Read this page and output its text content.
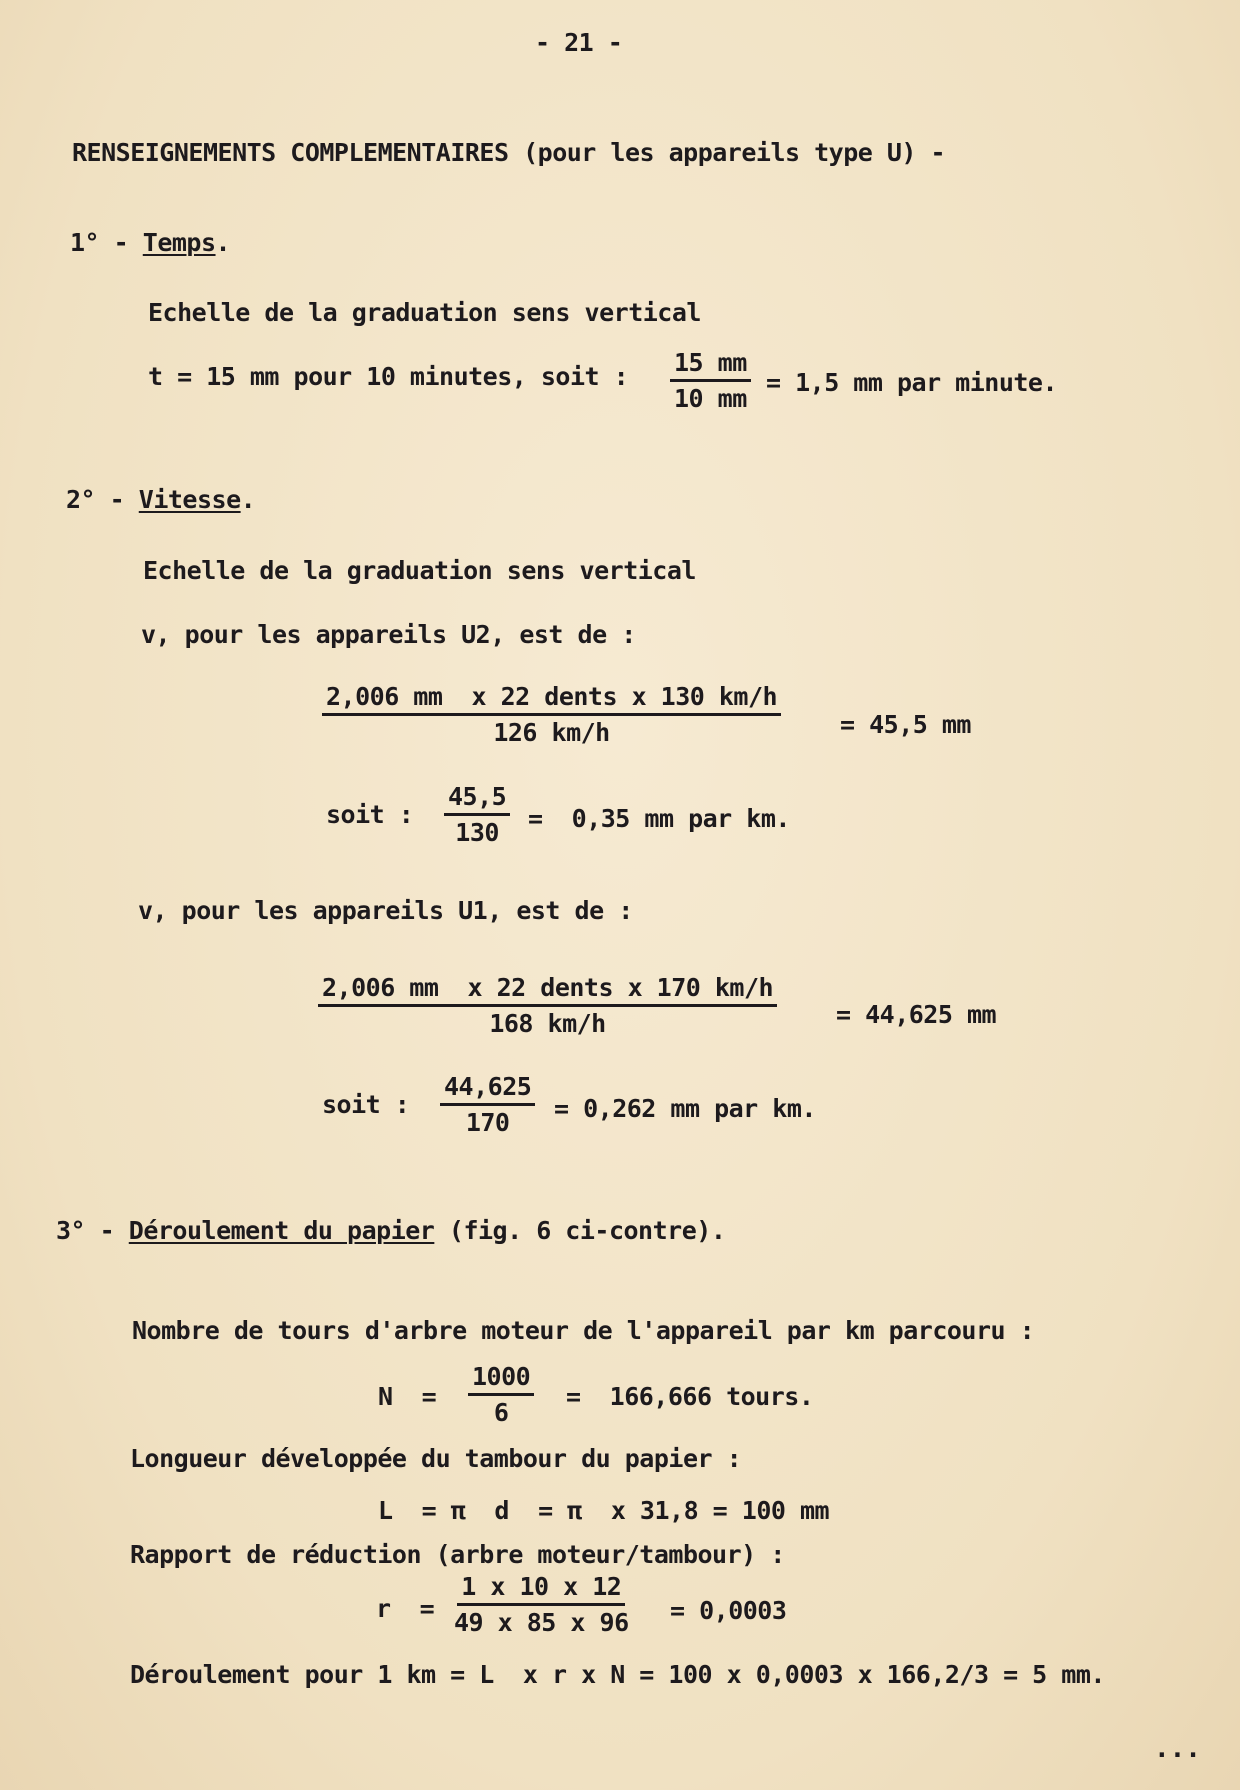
- 21 -
RENSEIGNEMENTS COMPLEMENTAIRES (pour les appareils type U) -
1° - Temps.
Echelle de la graduation sens vertical
t = 15 mm pour 10 minutes, soit : $\frac{15 mm}{10 mm} = 1,5$ mm par minute.
2° - Vitesse.
Echelle de la graduation sens vertical
v, pour les appareils U2, est de :
2,006 mm  x 22 dents x 130 km/h
126 km/h	= 45,5 mm
soit : $\frac{45,5}{130} = 0,35$ mm par km.
v, pour les appareils U1, est de :
2,006 mm  x 22 dents x 170 km/h
168 km/h	= 44,625 mm
soit : $\frac{44,625}{170} = 0,262$ mm par km.
3° - Déroulement du papier (fig. 6 ci-contre).
Nombre de tours d'arbre moteur de l'appareil par km parcouru :
$N = \frac{1000}{6} = 166,666$ tours.
Longueur développée du tambour du papier :
L  = π  d  = π  x 31,8 = 100 mm
Rapport de réduction (arbre moteur/tambour) :
$r = \frac{1 x 10 x 12}{49 x 85 x 96} = 0,0003$
Déroulement pour 1 km = L  x r x N = 100 x 0,0003 x 166,2/3 = 5 mm.
...
